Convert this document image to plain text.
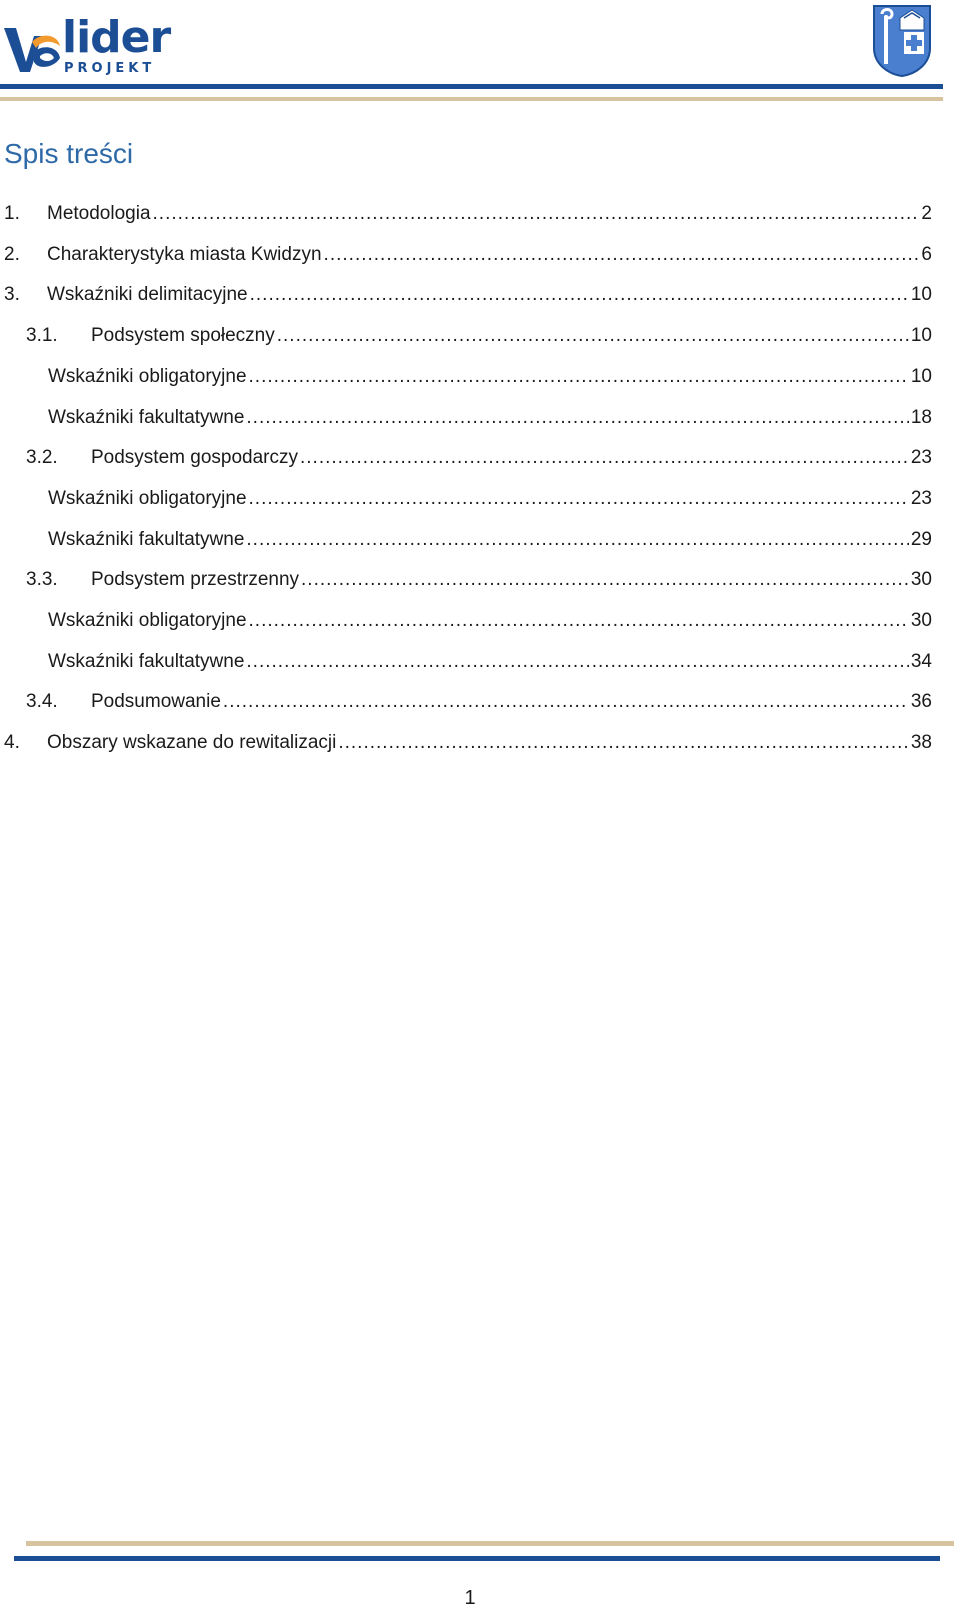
lider
PROJEKT
Spis treści
1. Metodologia .....	2
2. Charakterystyka miasta Kwidzyn .....	6
3. Wskaźniki delimitacyjne .....	10
3.1. Podsystem społeczny .....	10
Wskaźniki obligatoryjne .....	10
Wskaźniki fakultatywne .....	18
3.2. Podsystem gospodarczy .....	23
Wskaźniki obligatoryjne .....	23
Wskaźniki fakultatywne .....	29
3.3. Podsystem przestrzenny .....	30
Wskaźniki obligatoryjne .....	30
Wskaźniki fakultatywne .....	34
3.4. Podsumowanie .....	36
4. Obszary wskazane do rewitalizacji .....	38
1
